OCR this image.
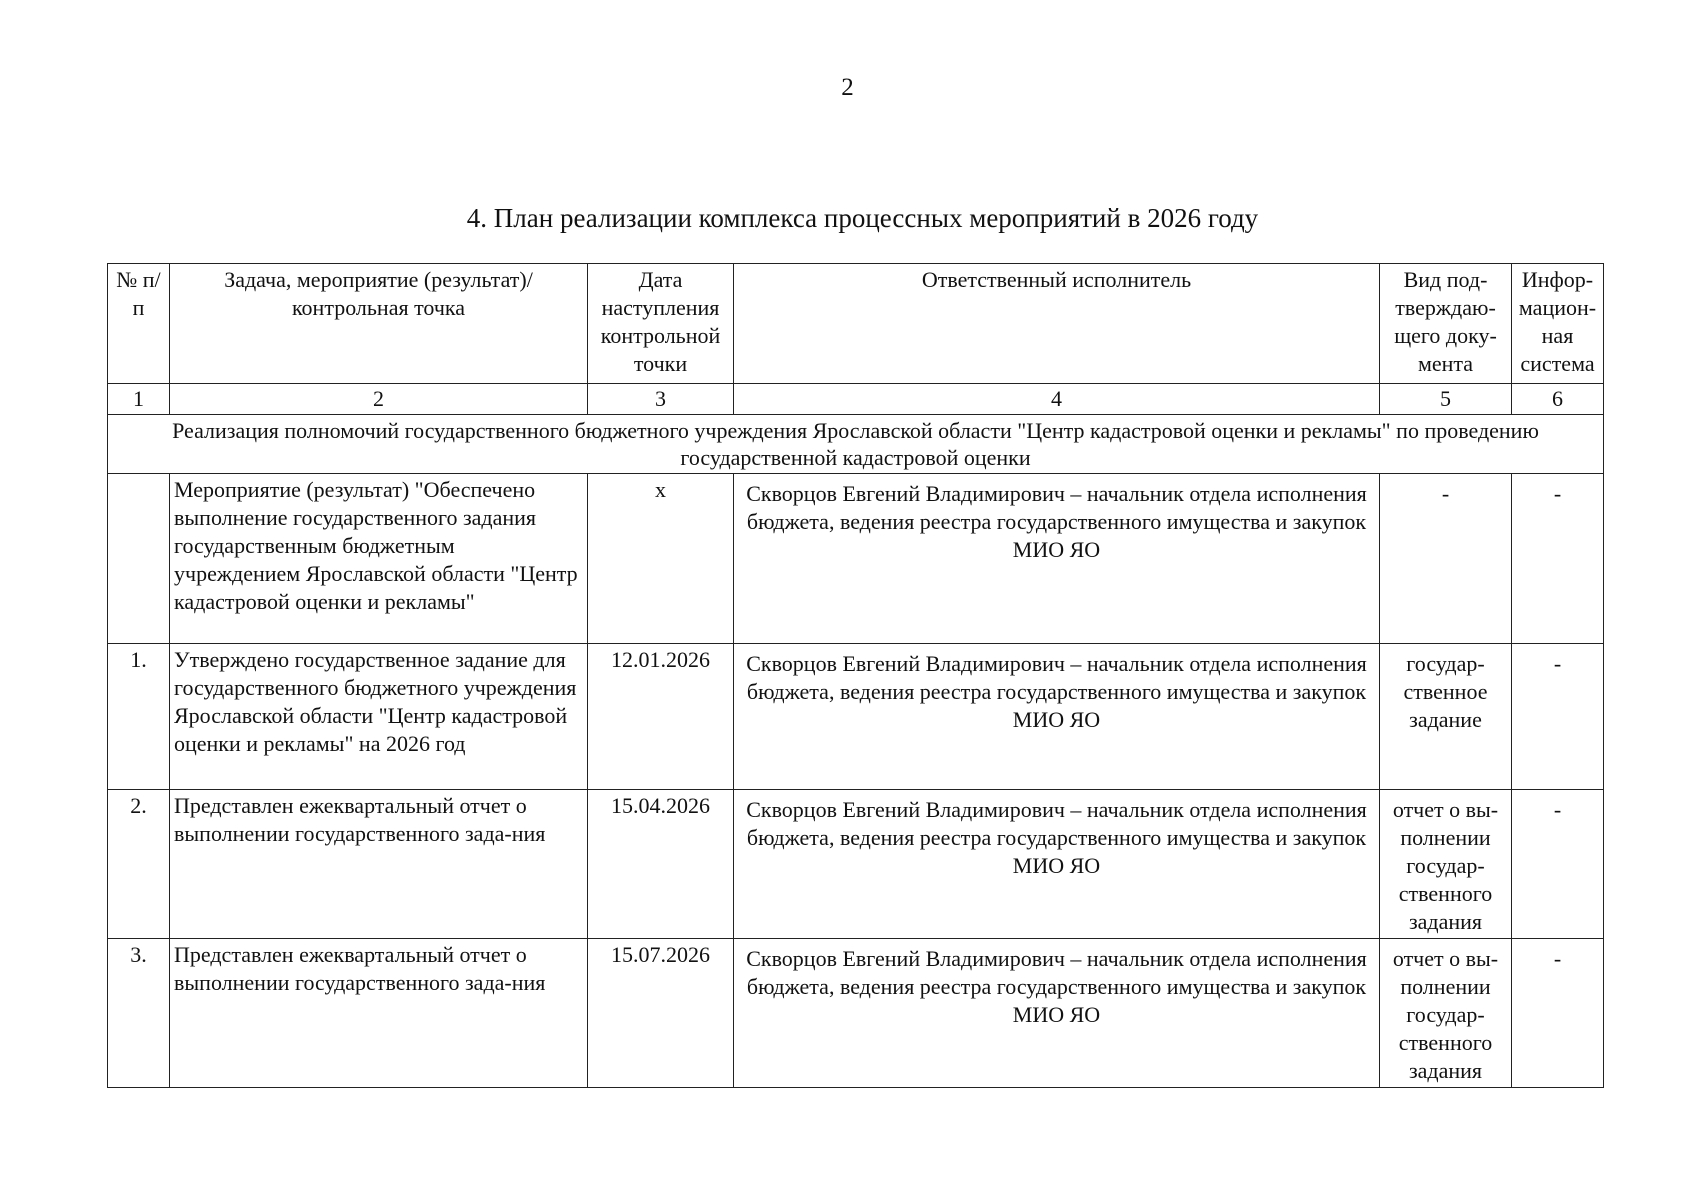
2
4. План реализации комплекса процессных мероприятий в 2026 году
№ п/п	Задача, мероприятие (результат)/ контрольная точка	Дата наступления контрольной точки	Ответственный исполнитель	Вид под-тверждаю-щего доку-мента	Инфор-мацион-ная система
1	2	3	4	5	6
Реализация полномочий государственного бюджетного учреждения Ярославской области "Центр кадастровой оценки и рекламы" по проведению государственной кадастровой оценки					
	Мероприятие (результат) "Обеспечено выполнение государственного задания государственным бюджетным учреждением Ярославской области "Центр кадастровой оценки и рекламы"	х	Скворцов Евгений Владимирович – начальник отдела исполнения бюджета, ведения реестра государственного имущества и закупок МИО ЯО	-	-
1.	Утверждено государственное задание для государственного бюджетного учреждения Ярославской области "Центр кадастровой оценки и рекламы" на 2026 год	12.01.2026	Скворцов Евгений Владимирович – начальник отдела исполнения бюджета, ведения реестра государственного имущества и закупок МИО ЯО	государ-ственное задание	-
2.	Представлен ежеквартальный отчет о выполнении государственного зада-ния	15.04.2026	Скворцов Евгений Владимирович – начальник отдела исполнения бюджета, ведения реестра государственного имущества и закупок МИО ЯО	отчет о вы-полнении государ-ственного задания	-
3.	Представлен ежеквартальный отчет о выполнении государственного зада-ния	15.07.2026	Скворцов Евгений Владимирович – начальник отдела исполнения бюджета, ведения реестра государственного имущества и закупок МИО ЯО	отчет о вы-полнении государ-ственного задания	-
